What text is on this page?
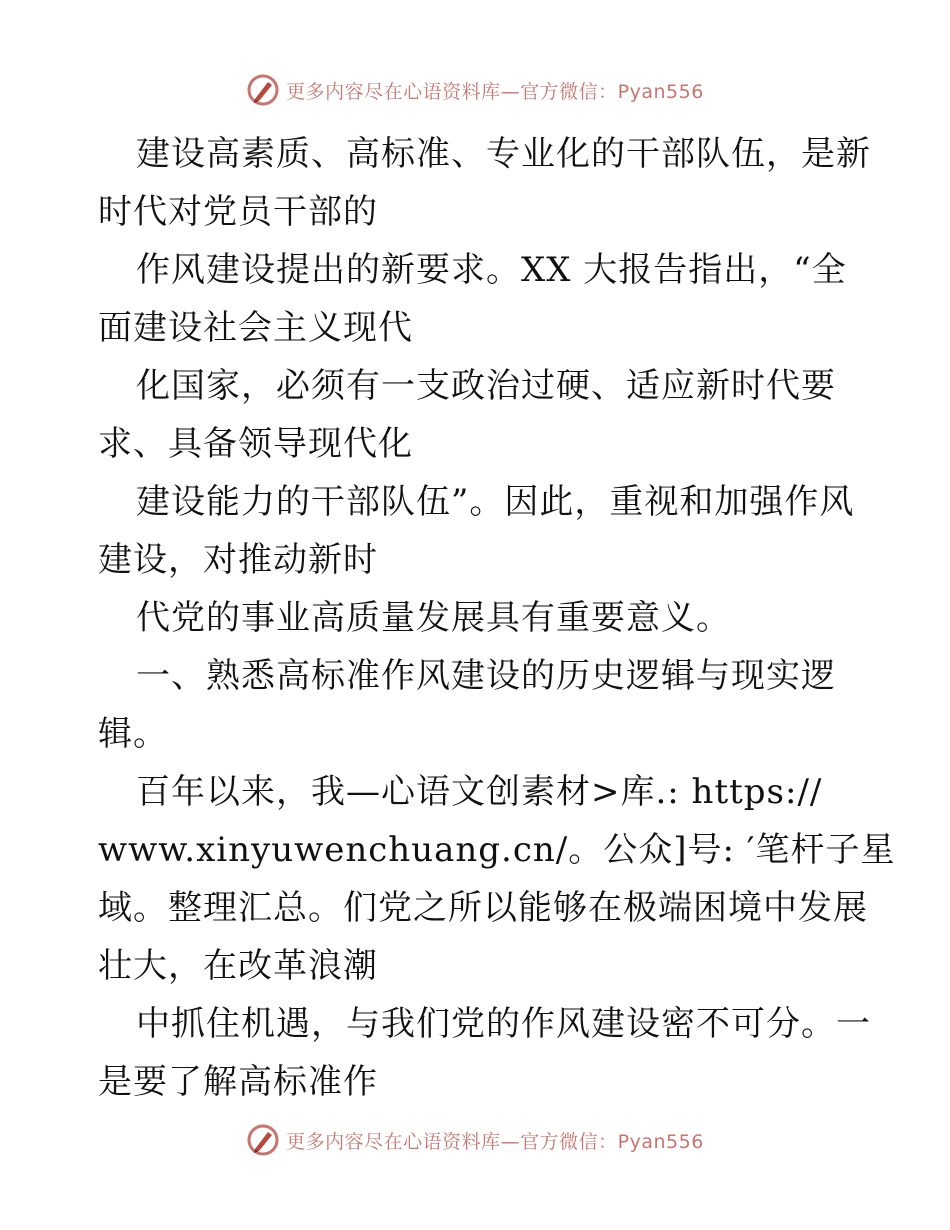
更多内容尽在心语资料库—官方微信：Pyan556
建设高素质、高标准、专业化的干部队伍，是新
时代对党员干部的
作风建设提出的新要求。XX 大报告指出，“全
面建设社会主义现代
化国家，必须有一支政治过硬、适应新时代要
求、具备领导现代化
建设能力的干部队伍”。因此，重视和加强作风
建设，对推动新时
代党的事业高质量发展具有重要意义。
一、熟悉高标准作风建设的历史逻辑与现实逻
辑。
百年以来，我—心语文创素材>库.: https://
www.xinyuwenchuang.cn/。公众]号: ′笔杆子星
域。整理汇总。们党之所以能够在极端困境中发展
壮大，在改革浪潮
中抓住机遇，与我们党的作风建设密不可分。一
是要了解高标准作
更多内容尽在心语资料库—官方微信：Pyan556
